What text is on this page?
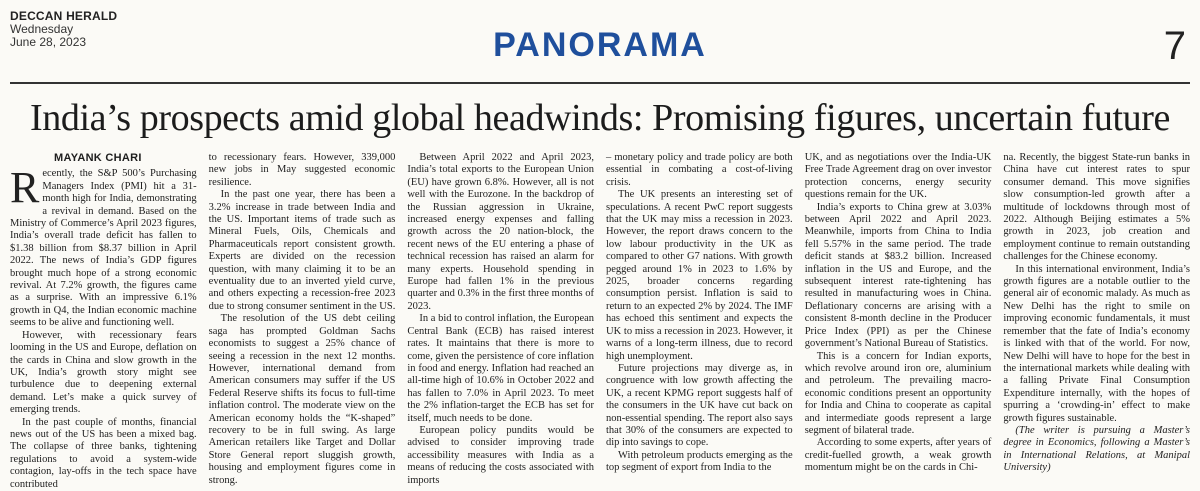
DECCAN HERALD
Wednesday
June 28, 2023	PANORAMA	7
India’s prospects amid global headwinds: Promising figures, uncertain future
MAYANK CHARI

Recently, the S&P 500’s Purchasing Managers Index (PMI) hit a 31-month high for India, demonstrating a revival in demand. Based on the Ministry of Commerce’s April 2023 figures, India’s overall trade deficit has fallen to $1.38 billion from $8.37 billion in April 2022. The news of India’s GDP figures brought much hope of a strong economic revival. At 7.2% growth, the figures came as a surprise. With an impressive 6.1% growth in Q4, the Indian economic machine seems to be alive and functioning well.

However, with recessionary fears looming in the US and Europe, deflation on the cards in China and slow growth in the UK, India’s growth story might see turbulence due to deepening external demand. Let’s make a quick survey of emerging trends.

In the past couple of months, financial news out of the US has been a mixed bag. The collapse of three banks, tightening regulations to avoid a system-wide contagion, lay-offs in the tech space have contributed

to recessionary fears. However, 339,000 new jobs in May suggested economic resilience.

In the past one year, there has been a 3.2% increase in trade between India and the US. Important items of trade such as Mineral Fuels, Oils, Chemicals and Pharmaceuticals report consistent growth. Experts are divided on the recession question, with many claiming it to be an eventuality due to an inverted yield curve, and others expecting a recession-free 2023 due to strong consumer sentiment in the US.

The resolution of the US debt ceiling saga has prompted Goldman Sachs economists to suggest a 25% chance of seeing a recession in the next 12 months. However, international demand from American consumers may suffer if the US Federal Reserve shifts its focus to full-time inflation control. The moderate view on the American economy holds the “K-shaped” recovery to be in full swing. As large American retailers like Target and Dollar Store General report sluggish growth, housing and employment figures come in strong.

Between April 2022 and April 2023, India’s total exports to the European Union (EU) have grown 6.8%. However, all is not well with the Eurozone. In the backdrop of the Russian aggression in Ukraine, increased energy expenses and falling growth across the 20 nation-block, the recent news of the EU entering a phase of technical recession has raised an alarm for many experts. Household spending in Europe had fallen 1% in the previous quarter and 0.3% in the first three months of 2023.

In a bid to control inflation, the European Central Bank (ECB) has raised interest rates. It maintains that there is more to come, given the persistence of core inflation in food and energy. Inflation had reached an all-time high of 10.6% in October 2022 and has fallen to 7.0% in April 2023. To meet the 2% inflation-target the ECB has set for itself, much needs to be done.

European policy pundits would be advised to consider improving trade accessibility measures with India as a means of reducing the costs associated with imports

– monetary policy and trade policy are both essential in combating a cost-of-living crisis.

The UK presents an interesting set of speculations. A recent PwC report suggests that the UK may miss a recession in 2023. However, the report draws concern to the low labour productivity in the UK as compared to other G7 nations. With growth pegged around 1% in 2023 to 1.6% by 2025, broader concerns regarding consumption persist. Inflation is said to return to an expected 2% by 2024. The IMF has echoed this sentiment and expects the UK to miss a recession in 2023. However, it warns of a long-term illness, due to record high unemployment.

Future projections may diverge as, in congruence with low growth affecting the UK, a recent KPMG report suggests half of the consumers in the UK have cut back on non-essential spending. The report also says that 30% of the consumers are expected to dip into savings to cope.

With petroleum products emerging as the top segment of export from India to the

UK, and as negotiations over the India-UK Free Trade Agreement drag on over investor protection concerns, energy security questions remain for the UK.

India’s exports to China grew at 3.03% between April 2022 and April 2023. Meanwhile, imports from China to India fell 5.57% in the same period. The trade deficit stands at $83.2 billion. Increased inflation in the US and Europe, and the subsequent interest rate-tightening has resulted in manufacturing woes in China. Deflationary concerns are arising with a consistent 8-month decline in the Producer Price Index (PPI) as per the Chinese government’s National Bureau of Statistics.

This is a concern for Indian exports, which revolve around iron ore, aluminium and petroleum. The prevailing macro-economic conditions present an opportunity for India and China to cooperate as capital and intermediate goods represent a large segment of bilateral trade.

According to some experts, after years of credit-fuelled growth, a weak growth momentum might be on the cards in Chi-

na. Recently, the biggest State-run banks in China have cut interest rates to spur consumer demand. This move signifies slow consumption-led growth after a multitude of lockdowns through most of 2022. Although Beijing estimates a 5% growth in 2023, job creation and employment continue to remain outstanding challenges for the Chinese economy.

In this international environment, India’s growth figures are a notable outlier to the general air of economic malady. As much as New Delhi has the right to smile on improving economic fundamentals, it must remember that the fate of India’s economy is linked with that of the world. For now, New Delhi will have to hope for the best in the international markets while dealing with a falling Private Final Consumption Expenditure internally, with the hopes of spurring a ‘crowding-in’ effect to make growth figures sustainable.

(The writer is pursuing a Master’s degree in Economics, following a Master’s in International Relations, at Manipal University)
